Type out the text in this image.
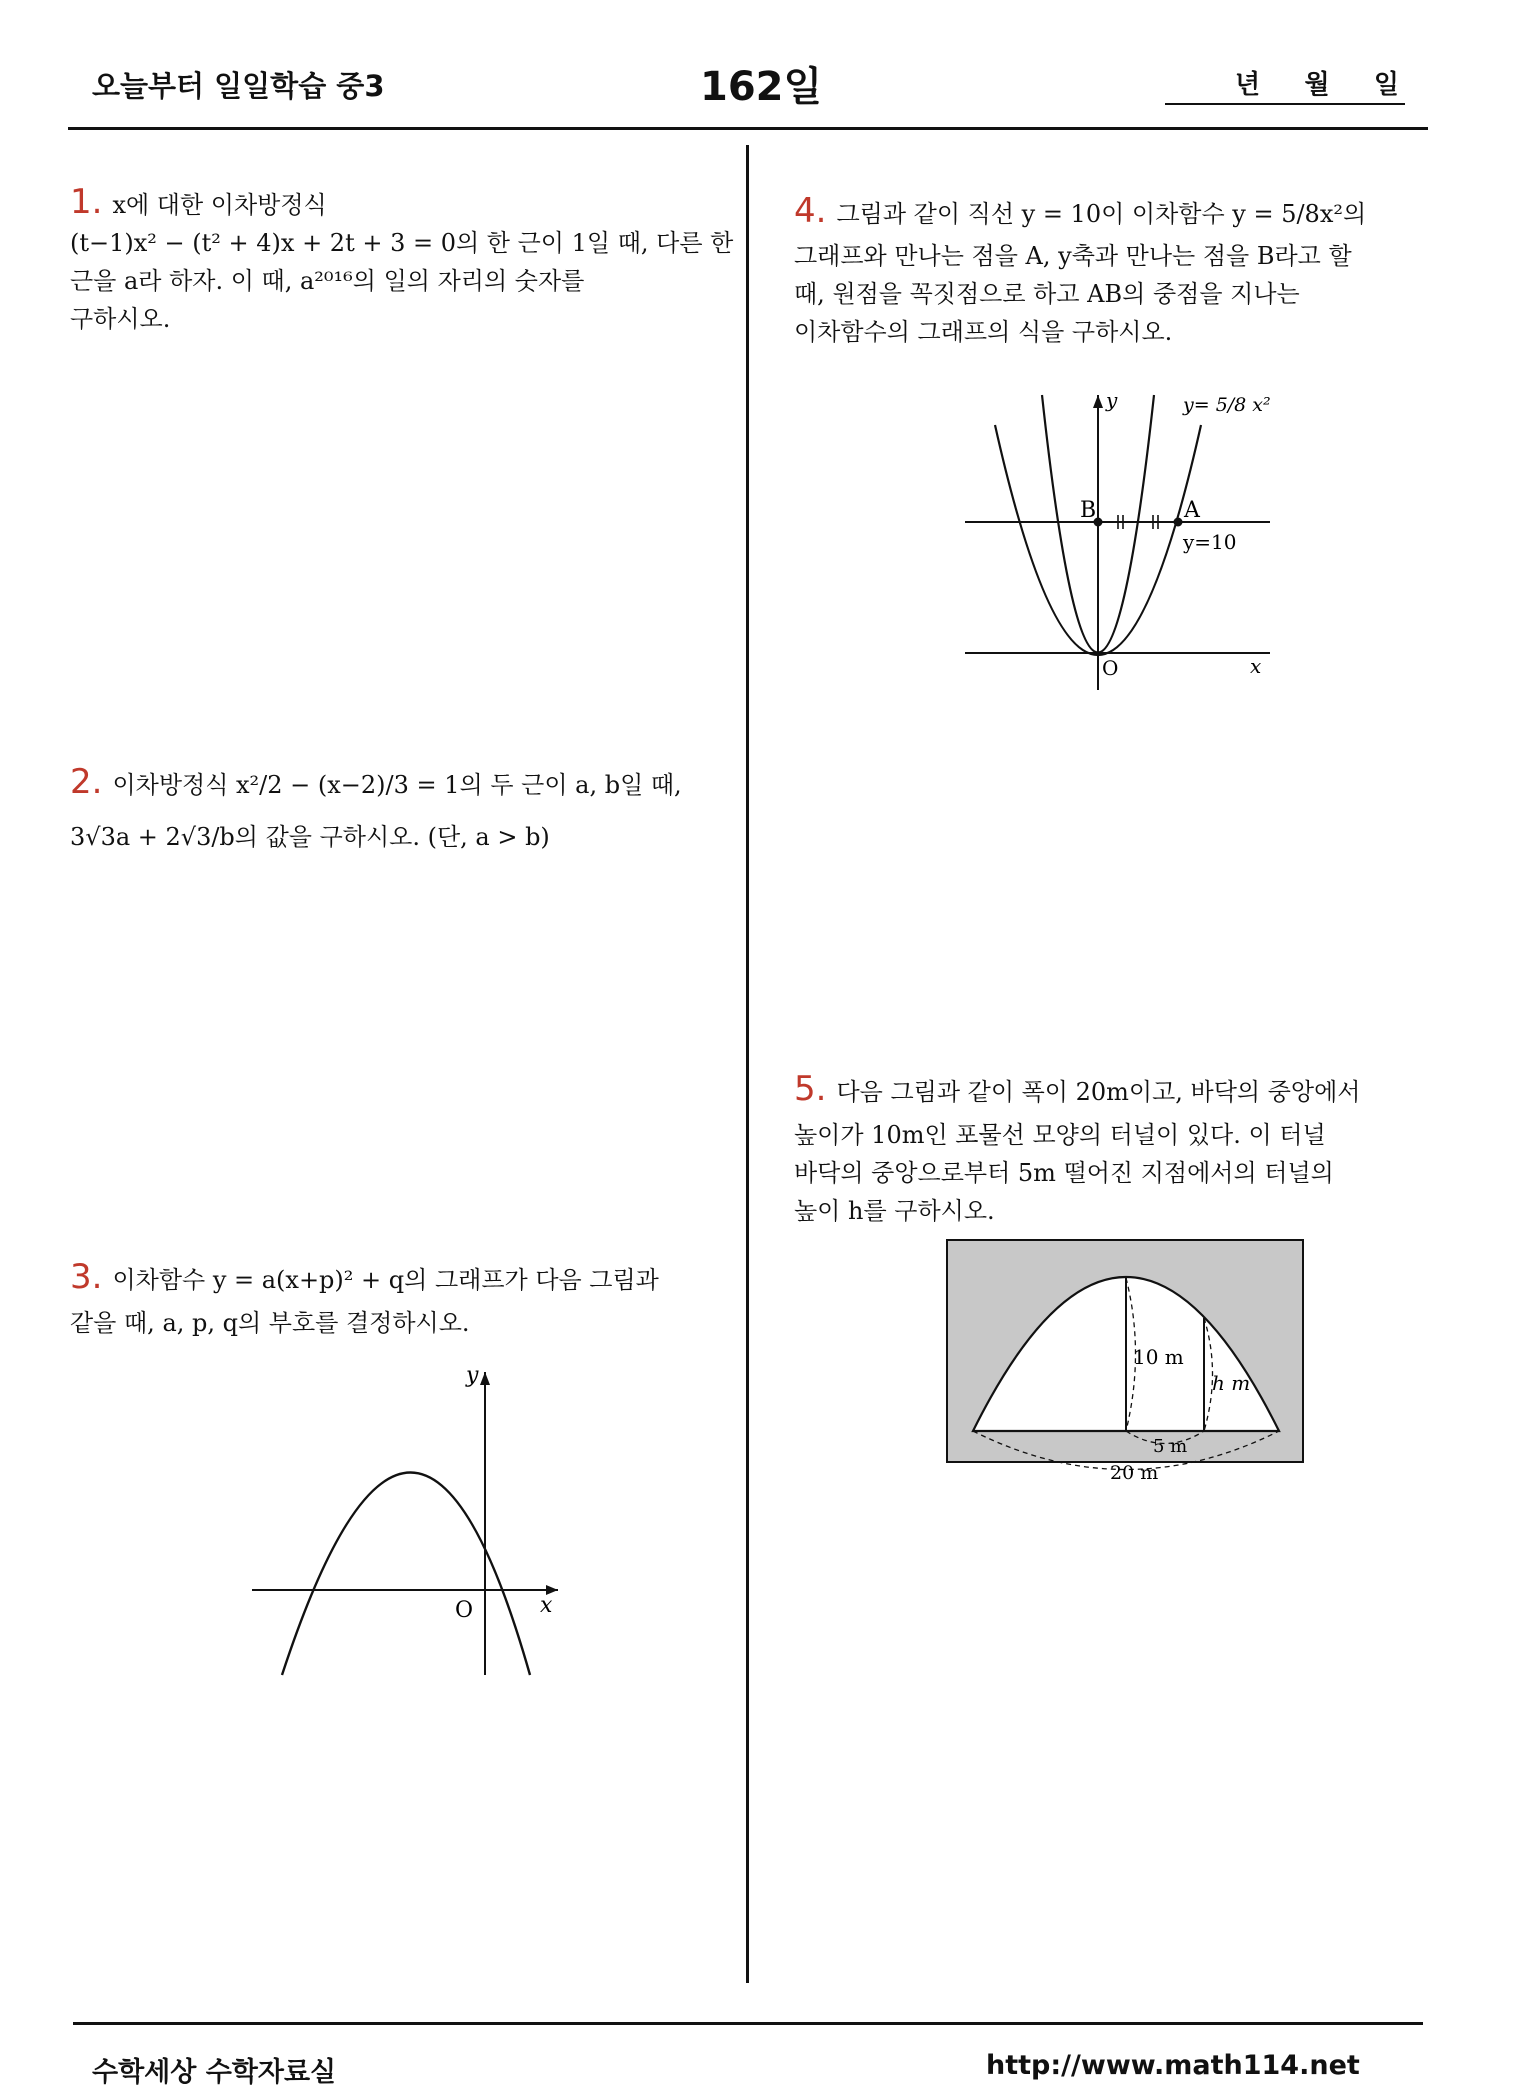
오늘부터 일일학습 중3	162일	년 월 일
1. x에 대한 이차방정식
(t−1)x² − (t² + 4)x + 2t + 3 = 0의 한 근이 1일 때, 다른 한
근을 a라 하자. 이 때, a²⁰¹⁶의 일의 자리의 숫자를
구하시오.
2. 이차방정식 x²/2 − (x−2)/3 = 1의 두 근이 a, b일 때,
3√3a + 2√3/b의 값을 구하시오. (단, a > b)
3. 이차함수 y = a(x+p)² + q의 그래프가 다음 그림과
같을 때, a, p, q의 부호를 결정하시오.
y
x
O
4. 그림과 같이 직선 y = 10이 이차함수 y = 5/8x²의
그래프와 만나는 점을 A, y축과 만나는 점을 B라고 할
때, 원점을 꼭짓점으로 하고 AB의 중점을 지나는
이차함수의 그래프의 식을 구하시오.
B	A
y
x
O
y= 5/8 x²
y=10
5. 다음 그림과 같이 폭이 20m이고, 바닥의 중앙에서
높이가 10m인 포물선 모양의 터널이 있다. 이 터널
바닥의 중앙으로부터 5m 떨어진 지점에서의 터널의
높이 h를 구하시오.
10 m
h m
5 m
20 m
수학세상 수학자료실	http://www.math114.net
